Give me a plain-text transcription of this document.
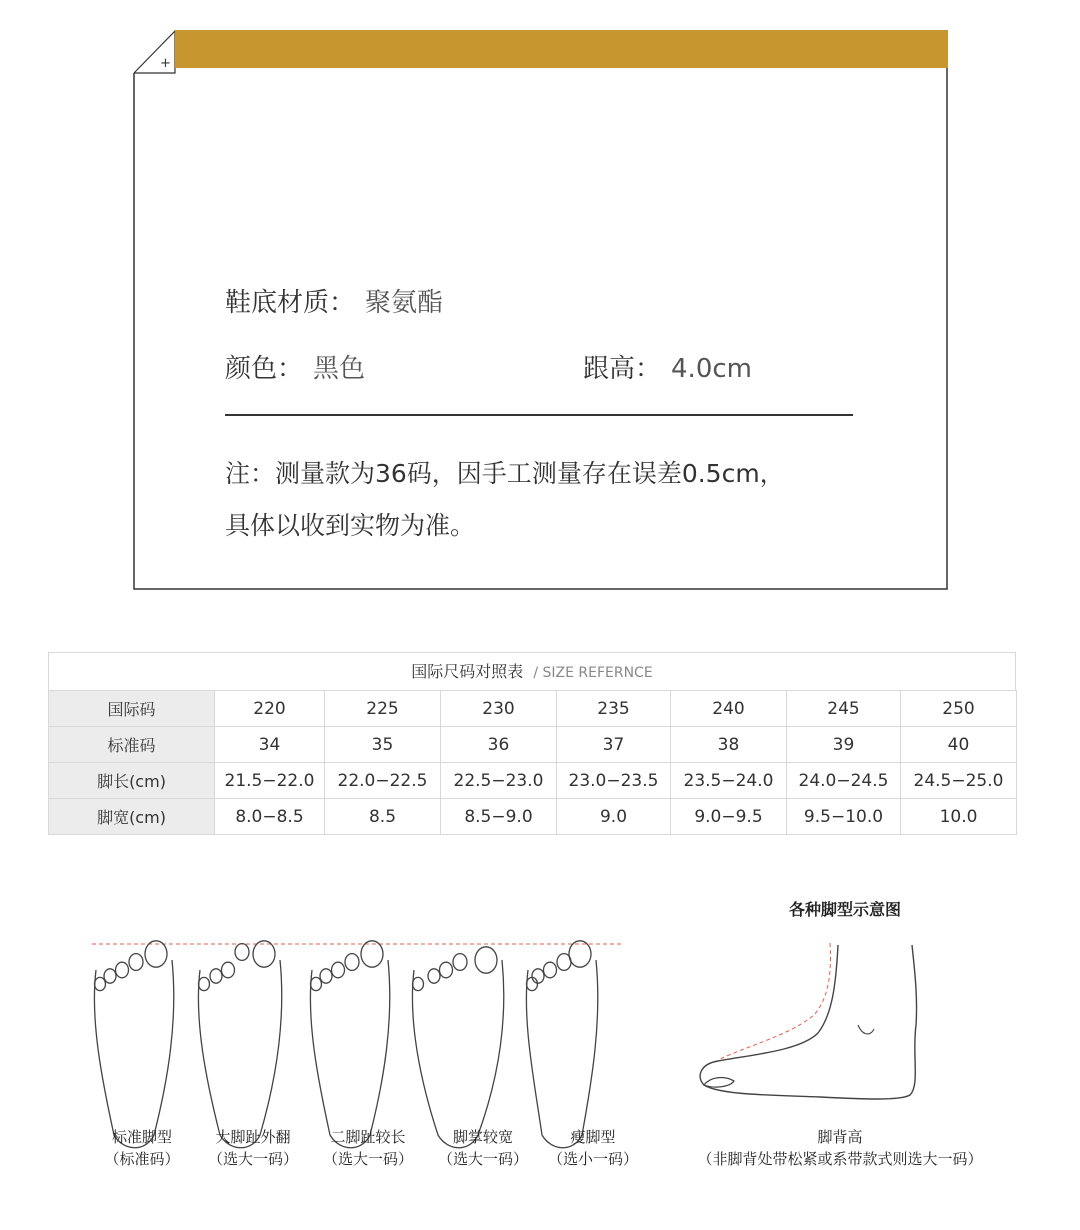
+
鞋底材质： 聚氨酯
颜色： 黑色	跟高： 4.0cm
注：测量款为36码，因手工测量存在误差0.5cm，
具体以收到实物为准。
国际尺码对照表 / SIZE REFERNCE
国际码	220	225	230	235	240	245	250
标准码	34	35	36	37	38	39	40
脚长(cm)	21.5−22.0	22.0−22.5	22.5−23.0	23.0−23.5	23.5−24.0	24.0−24.5	24.5−25.0
脚宽(cm)	8.0−8.5	8.5	8.5−9.0	9.0	9.0−9.5	9.5−10.0	10.0
标准脚型
（标准码）
大脚趾外翻
（选大一码）
二脚趾较长
（选大一码）
脚掌较宽
（选大一码）
瘦脚型
（选小一码）
各种脚型示意图
脚背高
（非脚背处带松紧或系带款式则选大一码）
